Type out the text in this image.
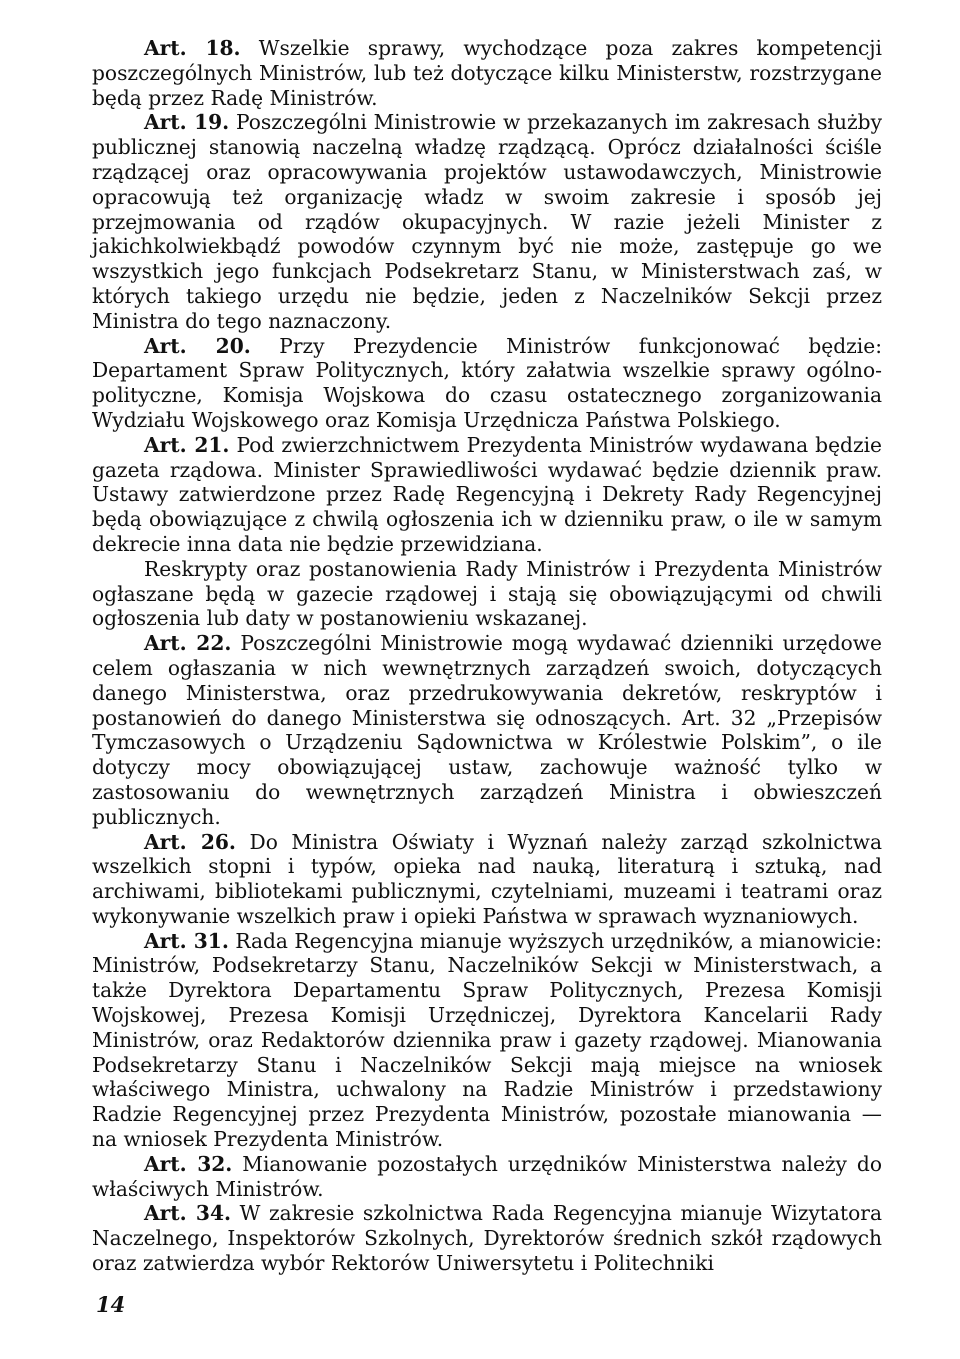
Art. 18. Wszelkie sprawy, wychodzące poza zakres kompetencji poszczególnych Ministrów, lub też dotyczące kilku Ministerstw, rozstrzygane będą przez Radę Ministrów.

Art. 19. Poszczególni Ministrowie w przekazanych im zakresach służby publicznej stanowią naczelną władzę rządzącą. Oprócz działalności ściśle rządzącej oraz opracowywania projektów ustawodawczych, Ministrowie opracowują też organizację władz w swoim zakresie i sposób jej przejmowania od rządów okupacyjnych. W razie jeżeli Minister z jakichkolwiekbądź powodów czynnym być nie może, zastępuje go we wszystkich jego funkcjach Podsekretarz Stanu, w Ministerstwach zaś, w których takiego urzędu nie będzie, jeden z Naczelników Sekcji przez Ministra do tego naznaczony.

Art. 20. Przy Prezydencie Ministrów funkcjonować będzie: Departament Spraw Politycznych, który załatwia wszelkie sprawy ogólno-polityczne, Komisja Wojskowa do czasu ostatecznego zorganizowania Wydziału Wojskowego oraz Komisja Urzędnicza Państwa Polskiego.

Art. 21. Pod zwierzchnictwem Prezydenta Ministrów wydawana będzie gazeta rządowa. Minister Sprawiedliwości wydawać będzie dziennik praw. Ustawy zatwierdzone przez Radę Regencyjną i Dekrety Rady Regencyjnej będą obowiązujące z chwilą ogłoszenia ich w dzienniku praw, o ile w samym dekrecie inna data nie będzie przewidziana.

Reskrypty oraz postanowienia Rady Ministrów i Prezydenta Ministrów ogłaszane będą w gazecie rządowej i stają się obowiązującymi od chwili ogłoszenia lub daty w postanowieniu wskazanej.

Art. 22. Poszczególni Ministrowie mogą wydawać dzienniki urzędowe celem ogłaszania w nich wewnętrznych zarządzeń swoich, dotyczących danego Ministerstwa, oraz przedrukowywania dekretów, reskryptów i postanowień do danego Ministerstwa się odnoszących. Art. 32 „Przepisów Tymczasowych o Urządzeniu Sądownictwa w Królestwie Polskim”, o ile dotyczy mocy obowiązującej ustaw, zachowuje ważność tylko w zastosowaniu do wewnętrznych zarządzeń Ministra i obwieszczeń publicznych.

Art. 26. Do Ministra Oświaty i Wyznań należy zarząd szkolnictwa wszelkich stopni i typów, opieka nad nauką, literaturą i sztuką, nad archiwami, bibliotekami publicznymi, czytelniami, muzeami i teatrami oraz wykonywanie wszelkich praw i opieki Państwa w sprawach wyznaniowych.

Art. 31. Rada Regencyjna mianuje wyższych urzędników, a mianowicie: Ministrów, Podsekretarzy Stanu, Naczelników Sekcji w Ministerstwach, a także Dyrektora Departamentu Spraw Politycznych, Prezesa Komisji Wojskowej, Prezesa Komisji Urzędniczej, Dyrektora Kancelarii Rady Ministrów, oraz Redaktorów dziennika praw i gazety rządowej. Mianowania Podsekretarzy Stanu i Naczelników Sekcji mają miejsce na wniosek właściwego Ministra, uchwalony na Radzie Ministrów i przedstawiony Radzie Regencyjnej przez Prezydenta Ministrów, pozostałe mianowania — na wniosek Prezydenta Ministrów.

Art. 32. Mianowanie pozostałych urzędników Ministerstwa należy do właściwych Ministrów.

Art. 34. W zakresie szkolnictwa Rada Regencyjna mianuje Wizytatora Naczelnego, Inspektorów Szkolnych, Dyrektorów średnich szkół rządowych oraz zatwierdza wybór Rektorów Uniwersytetu i Politechniki

14
